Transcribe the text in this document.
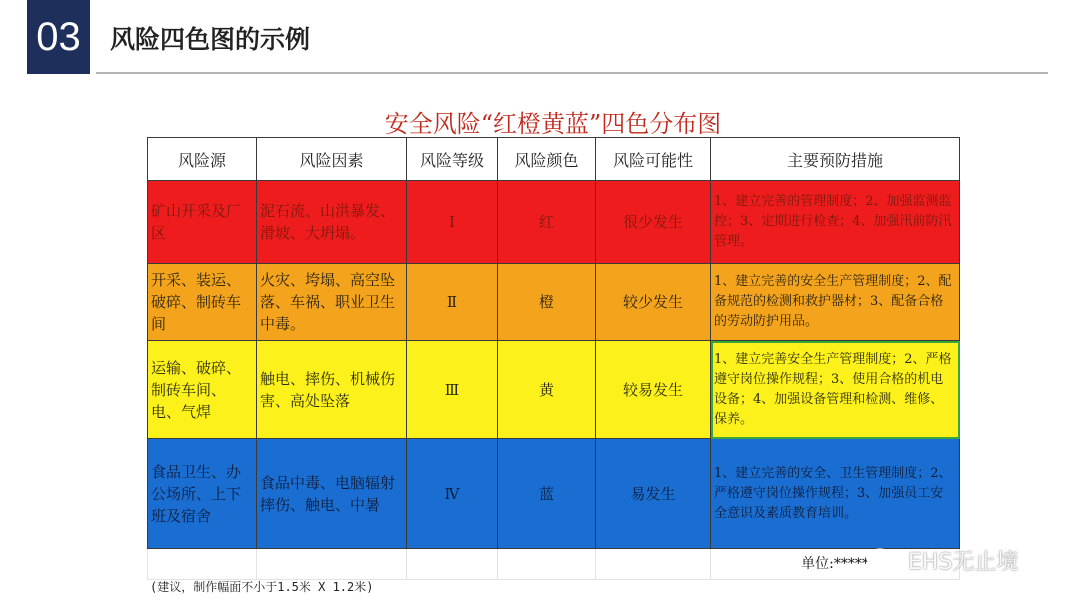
03 风险四色图的示例
安全风险“红橙黄蓝”四色分布图
风险源	风险因素	风险等级	风险颜色	风险可能性	主要预防措施
矿山开采及厂区	泥石流、山洪暴发、滑坡、大坍塌。	Ⅰ	红	很少发生	1、建立完善的管理制度；2、加强监测监控；3、定期进行检查；4、加强汛前防汛管理。
开采、装运、破碎、制砖车间	火灾、垮塌、高空坠落、车祸、职业卫生中毒。	Ⅱ	橙	较少发生	1、建立完善的安全生产管理制度；2、配备规范的检测和救护器材；3、配备合格的劳动防护用品。
运输、破碎、制砖车间、电、气焊	触电、摔伤、机械伤害、高处坠落	Ⅲ	黄	较易发生	1、建立完善安全生产管理制度；2、严格遵守岗位操作规程；3、使用合格的机电设备；4、加强设备管理和检测、维修、保养。
食品卫生、办公场所、上下班及宿舍	食品中毒、电脑辐射摔伤、触电、中暑	Ⅳ	蓝	易发生	1、建立完善的安全、卫生管理制度；2、严格遵守岗位操作规程；3、加强员工安全意识及素质教育培训。
					单位:*****
(建议，制作幅面不小于1.5米 X 1.2米)
EHS无止境
